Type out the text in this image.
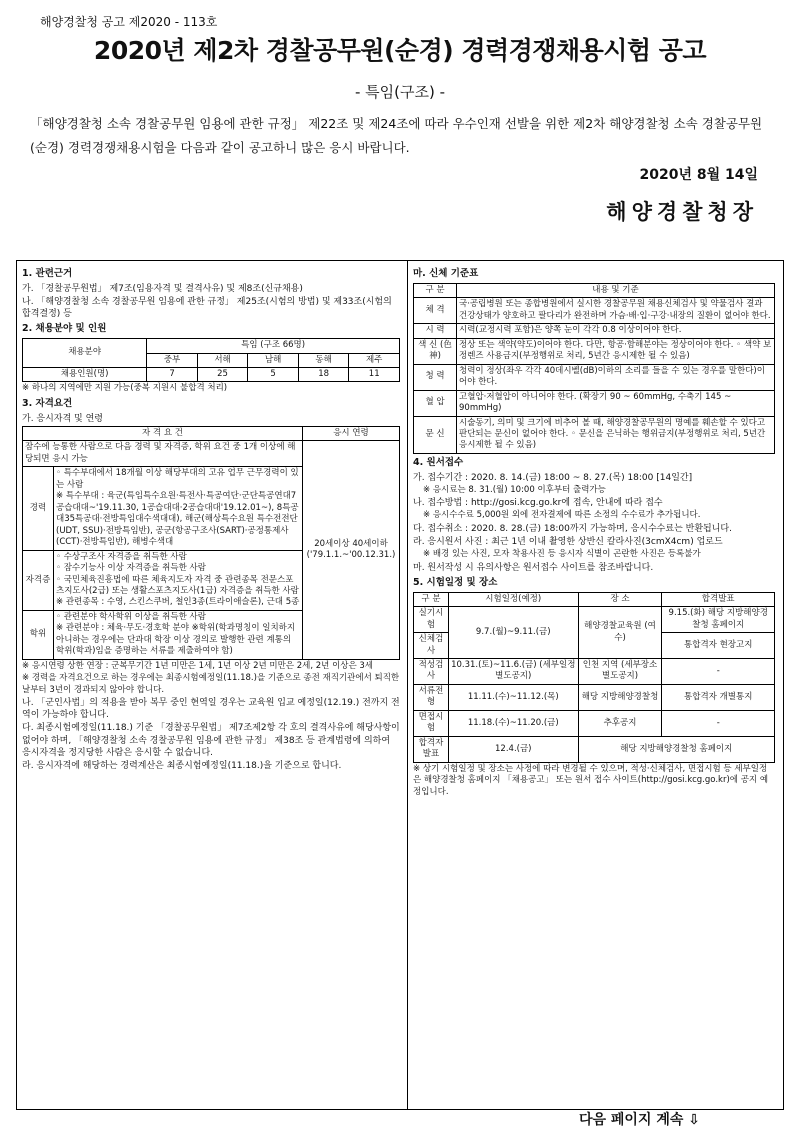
해양경찰청 공고 제2020 - 113호
2020년 제2차 경찰공무원(순경) 경력경쟁채용시험 공고
- 특임(구조) -
「해양경찰청 소속 경찰공무원 임용에 관한 규정」 제22조 및 제24조에 따라 우수인재 선발을 위한 제2차 해양경찰청 소속 경찰공무원(순경) 경력경쟁채용시험을 다음과 같이 공고하니 많은 응시 바랍니다.
2020년 8월 14일
해양경찰청장
1. 관련근거
가. 「경찰공무원법」 제7조(임용자격 및 결격사유) 및 제8조(신규채용)
나. 「해양경찰청 소속 경찰공무원 임용에 관한 규정」 제25조(시험의 방법) 및 제33조(시험의 합격결정) 등
2. 채용분야 및 인원
채용분야	특임 (구조 66명)				
	중부	서해	남해	동해	제주
채용인원(명)	7	25	5	18	11
※ 하나의 지역에만 지원 가능(중복 지원시 불합격 처리)
3. 자격요건
가. 응시자격 및 연령
자 격 요 건		응시 연령
잠수에 능통한 사람으로 다음 경력 및 자격증, 학위 요건 중 1개 이상에 해당되면 응시 가능		20세이상 40세이하 ('79.1.1.~'00.12.31.)
경력	◦ 특수부대에서 18개월 이상 해당부대의 고유 업무 근무경력이 있는 사람
※ 특수부대 : 육군(특임특수요원·특전사·특공여단·군단특공연대7공습대대~'19.11.30, 1공습대대·2공습대대'19.12.01~), 8특공대35특공대·전방특임대수색대대), 해군(해상특수요원 특수전전단(UDT, SSU)·전방특임반), 공군(항공구조사(SART)·공정통제사(CCT)·전방특임반), 해병수색대	

자격증	◦ 수상구조사 자격증을 취득한 사람
◦ 잠수기능사 이상 자격증을 취득한 사람
◦ 국민체육진흥법에 따른 체육지도자 자격 중 관련종목 전문스포츠지도사(2급) 또는 생활스포츠지도사(1급) 자격증을 취득한 사람
※ 관련종목 : 수영, 스킨스쿠버, 철인3종(트라이애슬론), 근대 5종	

학위	◦ 관련분야 학사학위 이상을 취득한 사람
※ 관련분야 : 체육·무도·경호학 분야 ※학위(학과명칭이 일치하지 아니하는 경우에는 단과대 학장 이상 경의로 발행한 관련 계통의 학위(학과)임을 증명하는 서류를 제출하여야 함)	
※ 응시연령 상한 연장 : 군복무기간 1년 미만은 1세, 1년 이상 2년 미만은 2세, 2년 이상은 3세
※ 경력을 자격요건으로 하는 경우에는 최종시험예정일(11.18.)을 기준으로 종전 재직기관에서 퇴직한 날부터 3년이 경과되지 않아야 합니다.
나. 「군인사법」의 적용을 받아 복무 중인 현역일 경우는 교육원 입교 예정일(12.19.) 전까지 전역이 가능하야 합니다.
다. 최종시험예정일(11.18.) 기준 「경찰공무원법」 제7조제2항 각 호의 결격사유에 해당사항이 없어야 하며, 「해양경찰청 소속 경찰공무원 임용에 관한 규정」 제38조 등 관계법령에 의하여 응시자격을 정지당한 사람은 응시할 수 없습니다.
라. 응시자격에 해당하는 경력계산은 최종시험예정일(11.18.)을 기준으로 합니다.
마. 신체 기준표
구 분	내용 및 기준
체 격	국·공립병원 또는 종합병원에서 실시한 경찰공무원 채용신체검사 및 약물검사 결과 건강상태가 양호하고 팔다리가 완전하며 가슴·배·입·구강·내장의 질환이 없어야 한다.
시 력	시력(교정시력 포함)은 양쪽 눈이 각각 0.8 이상이어야 한다.
색 신 (色 神)	정상 또는 색약(약도)이어야 한다. 다만, 항공·함해분야는 정상이어야 한다. ◦ 색약 보정렌즈 사용금지(부정행위로 처리, 5년간 응시제한 될 수 있음)
청 력	청력이 정상(좌우 각각 40데시벨(dB)이하의 소리를 들을 수 있는 경우를 말한다)이어야 한다.
혈 압	고혈압·저혈압이 아니어야 한다. (확장기 90 ~ 60mmHg, 수축기 145 ~ 90mmHg)
문 신	시술동기, 의미 및 크기에 비추어 볼 때, 해양경찰공무원의 명예를 훼손할 수 있다고 판단되는 문신이 없어야 한다. ◦ 문신을 은닉하는 행위금지(부정행위로 처리, 5년간 응시제한 될 수 있음)
4. 원서접수
가. 접수기간 : 2020. 8. 14.(금) 18:00 ~ 8. 27.(목) 18:00 [14일간]
※ 응시료는 8. 31.(월) 10:00 이후부터 출력가능
나. 접수방법 : http://gosi.kcg.go.kr에 접속, 안내에 따라 접수
※ 응시수수료 5,000원 외에 전자결제에 따른 소정의 수수료가 추가됩니다.
다. 접수취소 : 2020. 8. 28.(금) 18:00까지 가능하며, 응시수수료는 반환됩니다.
라. 응시원서 사진 : 최근 1년 이내 촬영한 상반신 칼라사진(3cmX4cm) 업로드
※ 배경 있는 사진, 모자 착용사진 등 응시자 식별이 곤란한 사진은 등록불가
마. 원서작성 시 유의사항은 원서접수 사이트를 참조바랍니다.
5. 시험일정 및 장소
구 분	시험일정(예정)	장 소	합격발표
실기시험	9.7.(월)~9.11.(금)	해양경찰교육원 (여수)	9.15.(화) 해당 지방해양경찰청 홈페이지
신체검사			통합격자 현장고지
적성검사	10.31.(토)~11.6.(금) (세부일정 별도공지)	인천 지역 (세부장소 별도공지)	-
서류전형	11.11.(수)~11.12.(목)	해당 지방해양경찰청	통합격자 개별통지
면접시험	11.18.(수)~11.20.(금)	추후공지	-
합격자발표	12.4.(금)	해당 지방해양경찰청 홈페이지	
※ 상기 시험일정 및 장소는 사정에 따라 변경될 수 있으며, 적성·신체검사, 면접시험 등 세부일정은 해양경찰청 홈페이지 「채용공고」 또는 원서 접수 사이트(http://gosi.kcg.go.kr)에 공지 예정입니다.
다음 페이지 계속 ⇩
